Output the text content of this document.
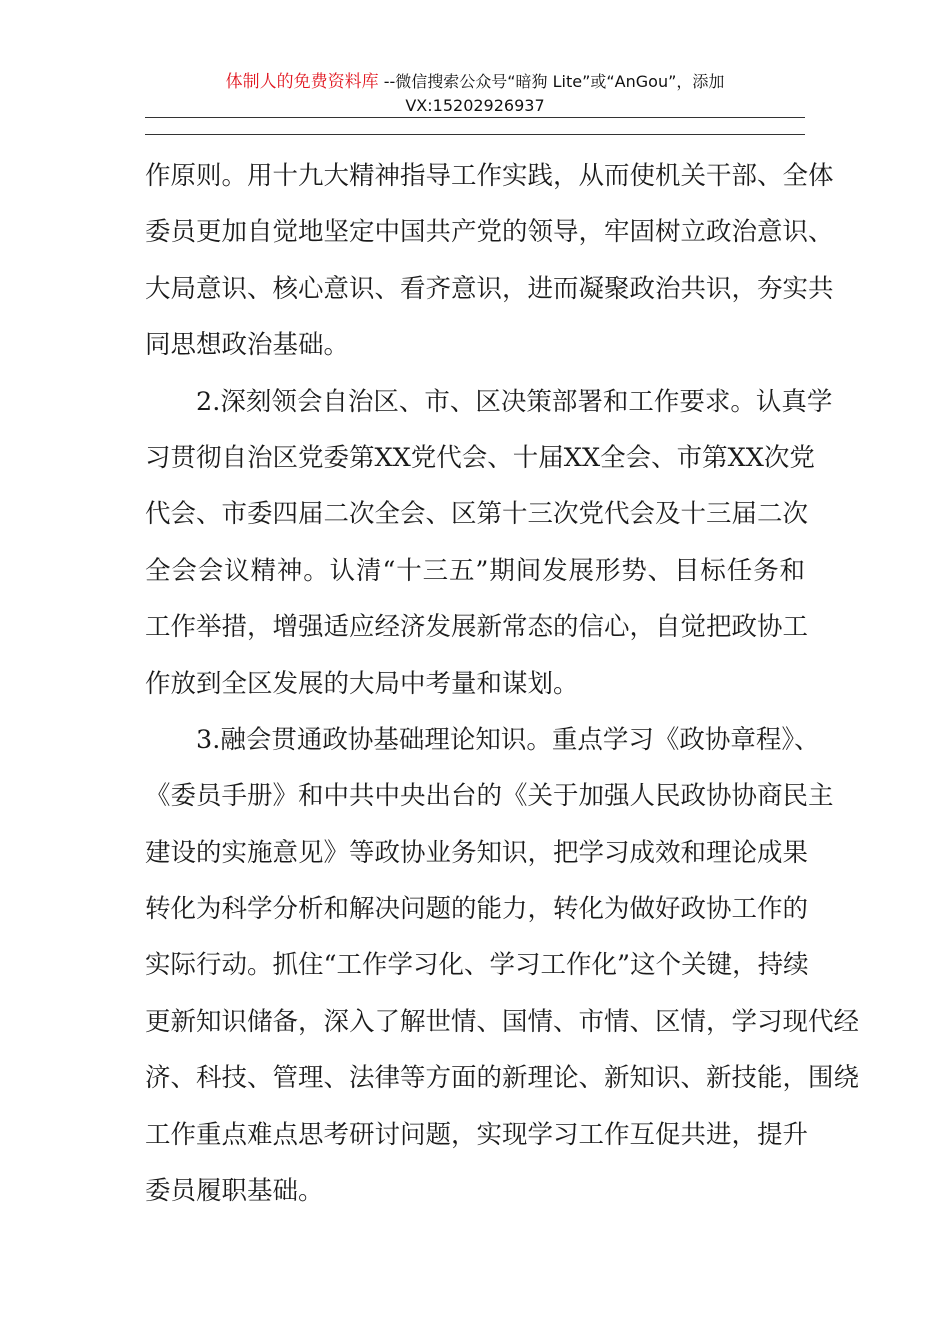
体制人的免费资料库 --微信搜索公众号“暗狗 Lite”或“AnGou”，添加
VX:15202926937
作原则。用十九大精神指导工作实践，从而使机关干部、全体
委员更加自觉地坚定中国共产党的领导，牢固树立政治意识、
大局意识、核心意识、看齐意识，进而凝聚政治共识，夯实共
同思想政治基础。
2.深刻领会自治区、市、区决策部署和工作要求。认真学
习贯彻自治区党委第XX党代会、十届XX全会、市第XX次党
代会、市委四届二次全会、区第十三次党代会及十三届二次
全会会议精神。认清“十三五”期间发展形势、目标任务和
工作举措，增强适应经济发展新常态的信心，自觉把政协工
作放到全区发展的大局中考量和谋划。
3.融会贯通政协基础理论知识。重点学习《政协章程》、
《委员手册》和中共中央出台的《关于加强人民政协协商民主
建设的实施意见》等政协业务知识，把学习成效和理论成果
转化为科学分析和解决问题的能力，转化为做好政协工作的
实际行动。抓住“工作学习化、学习工作化”这个关键，持续
更新知识储备，深入了解世情、国情、市情、区情，学习现代经
济、科技、管理、法律等方面的新理论、新知识、新技能，围绕
工作重点难点思考研讨问题，实现学习工作互促共进，提升
委员履职基础。
